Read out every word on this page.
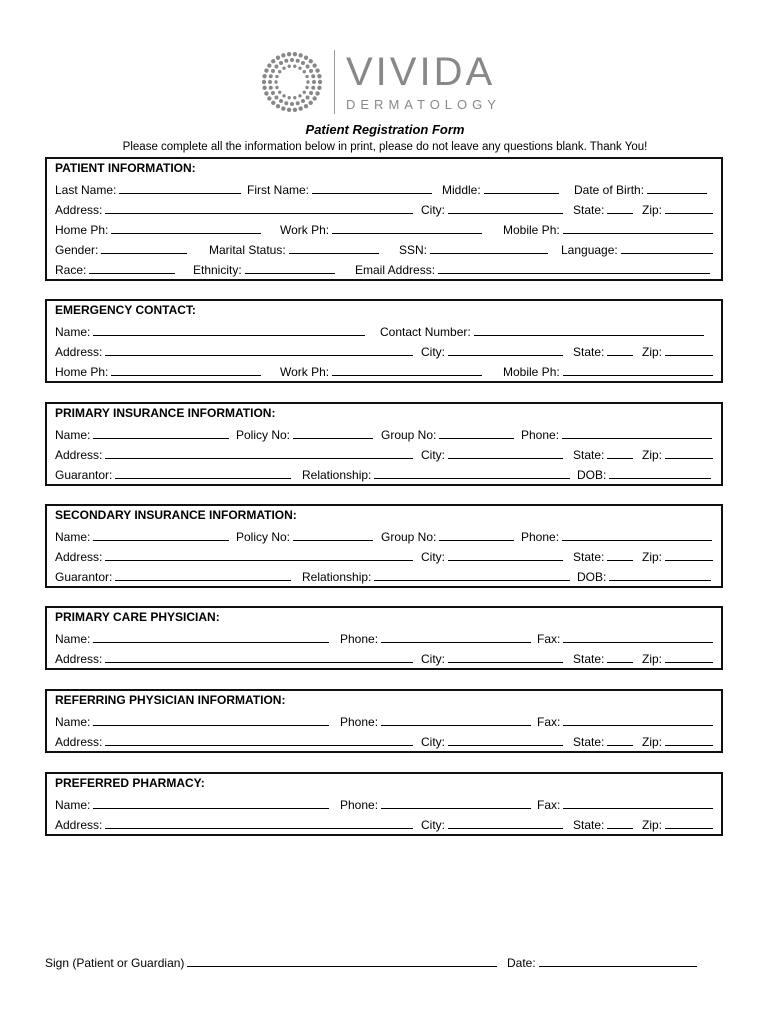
VIVIDA
DERMATOLOGY
Patient Registration Form
Please complete all the information below in print, please do not leave any questions blank. Thank You!
PATIENT INFORMATION:
Last Name:	First Name:	Middle:	Date of Birth:
Address:	City:	State:	Zip:
Home Ph:	Work Ph:	Mobile Ph:
Gender:	Marital Status:	SSN:	Language:
Race:	Ethnicity:	Email Address:
EMERGENCY CONTACT:
Name:	Contact Number:
Address:	City:	State:	Zip:
Home Ph:	Work Ph:	Mobile Ph:
PRIMARY INSURANCE INFORMATION:
Name:	Policy No:	Group No:	Phone:
Address:	City:	State:	Zip:
Guarantor:	Relationship:	DOB:
SECONDARY INSURANCE INFORMATION:
Name:	Policy No:	Group No:	Phone:
Address:	City:	State:	Zip:
Guarantor:	Relationship:	DOB:
PRIMARY CARE PHYSICIAN:
Name:	Phone:	Fax:
Address:	City:	State:	Zip:
REFERRING PHYSICIAN INFORMATION:
Name:	Phone:	Fax:
Address:	City:	State:	Zip:
PREFERRED PHARMACY:
Name:	Phone:	Fax:
Address:	City:	State:	Zip:
Sign (Patient or Guardian)	Date:
